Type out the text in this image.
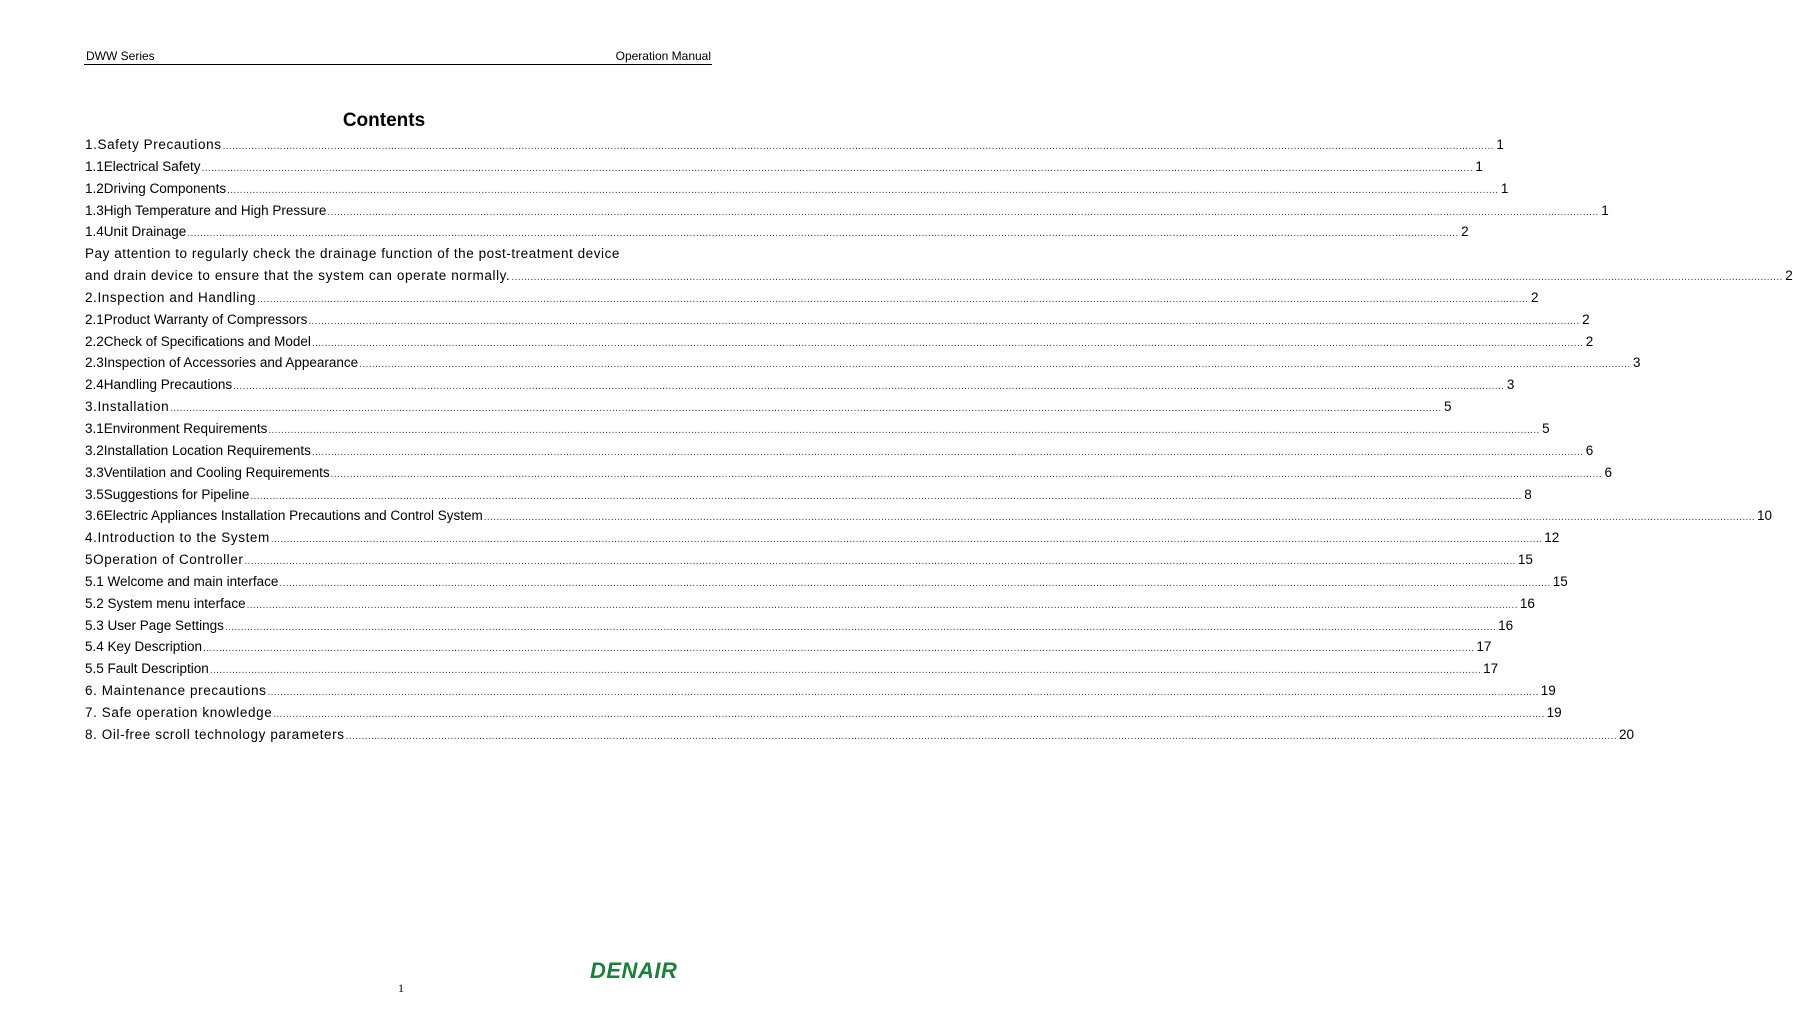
DWW Series	Operation Manual
Contents
1.Safety Precautions ................................................................................................................................................................................................................................................................................................................................................................................................................ 1
1.1Electrical Safety ................................................................................................................................................................................................................................................................................................................................................................................................................ 1
1.2Driving Components ................................................................................................................................................................................................................................................................................................................................................................................................................ 1
1.3High Temperature and High Pressure ................................................................................................................................................................................................................................................................................................................................................................................................................ 1
1.4Unit Drainage ................................................................................................................................................................................................................................................................................................................................................................................................................ 2
Pay attention to regularly check the drainage function of the post-treatment device
and drain device to ensure that the system can operate normally. ................................................................................................................................................................................................................................................................................................................................................................................................................ 2
2.Inspection and Handling ................................................................................................................................................................................................................................................................................................................................................................................................................ 2
2.1Product Warranty of Compressors ................................................................................................................................................................................................................................................................................................................................................................................................................ 2
2.2Check of Specifications and Model ................................................................................................................................................................................................................................................................................................................................................................................................................ 2
2.3Inspection of Accessories and Appearance ................................................................................................................................................................................................................................................................................................................................................................................................................ 3
2.4Handling Precautions ................................................................................................................................................................................................................................................................................................................................................................................................................ 3
3.Installation ................................................................................................................................................................................................................................................................................................................................................................................................................ 5
3.1Environment Requirements ................................................................................................................................................................................................................................................................................................................................................................................................................ 5
3.2Installation Location Requirements ................................................................................................................................................................................................................................................................................................................................................................................................................ 6
3.3Ventilation and Cooling Requirements ................................................................................................................................................................................................................................................................................................................................................................................................................ 6
3.5Suggestions for Pipeline ................................................................................................................................................................................................................................................................................................................................................................................................................ 8
3.6Electric Appliances Installation Precautions and Control System ................................................................................................................................................................................................................................................................................................................................................................................................................ 10
4.Introduction to the System ................................................................................................................................................................................................................................................................................................................................................................................................................ 12
5Operation of Controller ................................................................................................................................................................................................................................................................................................................................................................................................................ 15
5.1 Welcome and main interface ................................................................................................................................................................................................................................................................................................................................................................................................................ 15
5.2 System menu interface ................................................................................................................................................................................................................................................................................................................................................................................................................ 16
5.3 User Page Settings ................................................................................................................................................................................................................................................................................................................................................................................................................ 16
5.4 Key Description ................................................................................................................................................................................................................................................................................................................................................................................................................ 17
5.5 Fault Description ................................................................................................................................................................................................................................................................................................................................................................................................................ 17
6. Maintenance precautions ................................................................................................................................................................................................................................................................................................................................................................................................................ 19
7. Safe operation knowledge ................................................................................................................................................................................................................................................................................................................................................................................................................ 19
8. Oil-free scroll technology parameters ................................................................................................................................................................................................................................................................................................................................................................................................................ 20
DENAIR
1
